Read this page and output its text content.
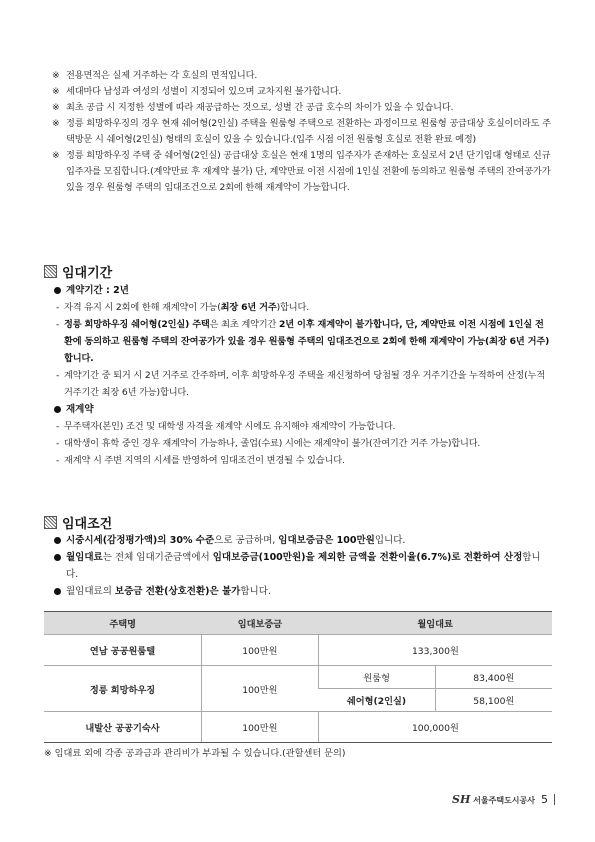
※ 전용면적은 실제 거주하는 각 호실의 면적입니다.
※ 세대마다 남성과 여성의 성별이 지정되어 있으며 교차지원 불가합니다.
※ 최초 공급 시 지정한 성별에 따라 재공급하는 것으로, 성별 간 공급 호수의 차이가 있을 수 있습니다.
※ 정릉 희망하우징의 경우 현재 쉐어형(2인실) 주택을 원룸형 주택으로 전환하는 과정이므로 원룸형 공급대상 호실이더라도 주택방문 시 쉐어형(2인실) 형태의 호실이 있을 수 있습니다.(입주 시점 이전 원룸형 호실로 전환 완료 예정)
※ 정릉 희망하우징 주택 중 쉐어형(2인실) 공급대상 호실은 현재 1명의 입주자가 존재하는 호실로서 2년 단기임대 형태로 신규 입주자를 모집합니다.(계약만료 후 재계약 불가) 단, 계약만료 이전 시점에 1인실 전환에 동의하고 원룸형 주택의 잔여공가가 있을 경우 원룸형 주택의 임대조건으로 2회에 한해 재계약이 가능합니다.
임대기간
계약기간 : 2년
- 자격 유지 시 2회에 한해 재계약이 가능(최장 6년 거주)합니다.
- 정릉 희망하우징 쉐어형(2인실) 주택은 최초 계약기간 2년 이후 재계약이 불가합니다, 단, 계약만료 이전 시점에 1인실 전환에 동의하고 원룸형 주택의 잔여공가가 있을 경우 원룸형 주택의 임대조건으로 2회에 한해 재계약이 가능(최장 6년 거주)합니다.
- 계약기간 중 퇴거 시 2년 거주로 간주하며, 이후 희망하우징 주택을 재신청하여 당첨될 경우 거주기간을 누적하여 산정(누적 거주기간 최장 6년 가능)합니다.
재계약
- 무주택자(본인) 조건 및 대학생 자격을 재계약 시에도 유지해야 재계약이 가능합니다.
- 대학생이 휴학 중인 경우 재계약이 가능하나, 졸업(수료) 시에는 재계약이 불가(잔여기간 거주 가능)합니다.
- 재계약 시 주변 지역의 시세를 반영하여 임대조건이 변경될 수 있습니다.
임대조건
시중시세(감정평가액)의 30% 수준으로 공급하며, 임대보증금은 100만원입니다.
월임대료는 전체 임대기준금액에서 임대보증금(100만원)을 제외한 금액을 전환이율(6.7%)로 전환하여 산정합니다.
월임대료의 보증금 전환(상호전환)은 불가합니다.
주택명	임대보증금	월임대료	
연남 공공원룸텔	100만원	133,300원	
정릉 희망하우징	100만원	원룸형	83,400원
		쉐어형(2인실)	58,100원
내발산 공공기숙사	100만원	100,000원	
※ 임대료 외에 각종 공과금과 관리비가 부과될 수 있습니다.(관할센터 문의)
SH 서울주택도시공사 5
